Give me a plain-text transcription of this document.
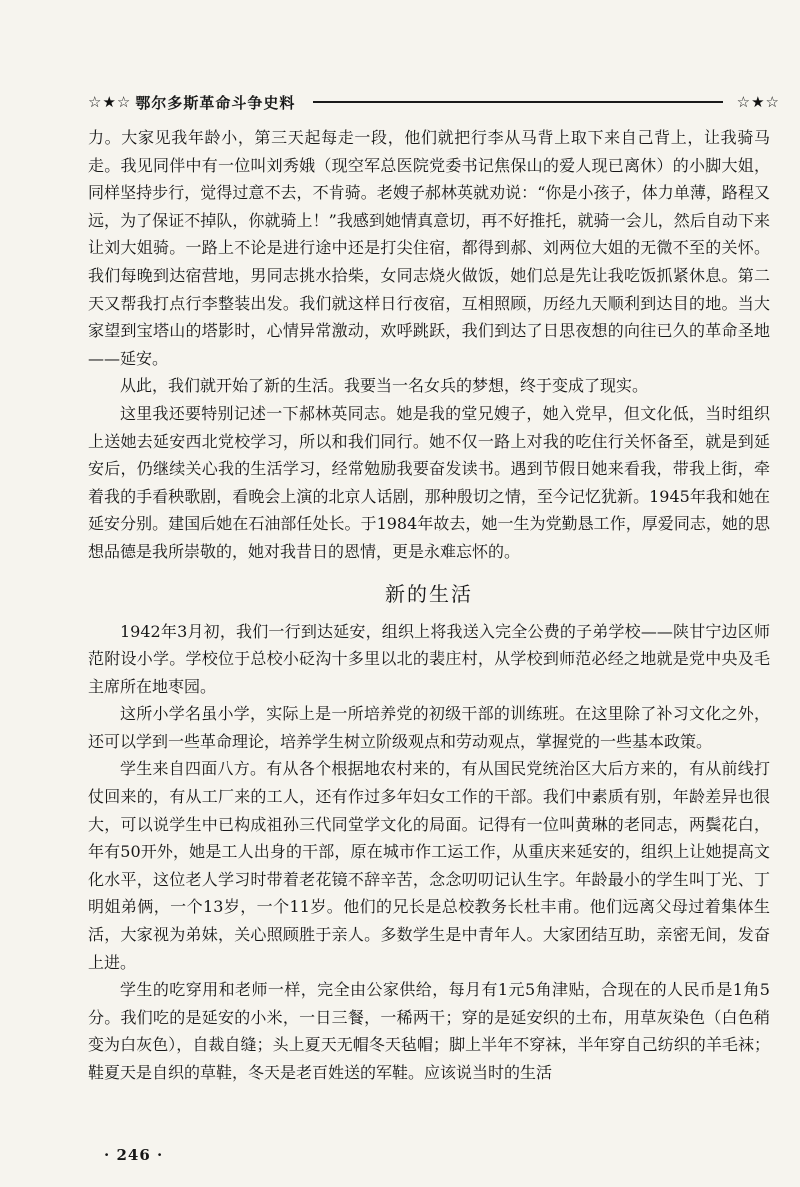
☆★☆ 鄂尔多斯革命斗争史料	☆★☆

力。大家见我年龄小，第三天起每走一段，他们就把行李从马背上取下来自己背上，让我骑马走。我见同伴中有一位叫刘秀娥（现空军总医院党委书记焦保山的爱人现已离休）的小脚大姐，同样坚持步行，觉得过意不去，不肯骑。老嫂子郝林英就劝说：“你是小孩子，体力单薄，路程又远，为了保证不掉队，你就骑上！”我感到她情真意切，再不好推托，就骑一会儿，然后自动下来让刘大姐骑。一路上不论是进行途中还是打尖住宿，都得到郝、刘两位大姐的无微不至的关怀。我们每晚到达宿营地，男同志挑水拾柴，女同志烧火做饭，她们总是先让我吃饭抓紧休息。第二天又帮我打点行李整装出发。我们就这样日行夜宿，互相照顾，历经九天顺利到达目的地。当大家望到宝塔山的塔影时，心情异常激动，欢呼跳跃，我们到达了日思夜想的向往已久的革命圣地——延安。

从此，我们就开始了新的生活。我要当一名女兵的梦想，终于变成了现实。

这里我还要特别记述一下郝林英同志。她是我的堂兄嫂子，她入党早，但文化低，当时组织上送她去延安西北党校学习，所以和我们同行。她不仅一路上对我的吃住行关怀备至，就是到延安后，仍继续关心我的生活学习，经常勉励我要奋发读书。遇到节假日她来看我，带我上街，牵着我的手看秧歌剧，看晚会上演的北京人话剧，那种殷切之情，至今记忆犹新。1945年我和她在延安分别。建国后她在石油部任处长。于1984年故去，她一生为党勤恳工作，厚爱同志，她的思想品德是我所崇敬的，她对我昔日的恩情，更是永难忘怀的。

新的生活

1942年3月初，我们一行到达延安，组织上将我送入完全公费的子弟学校——陕甘宁边区师范附设小学。学校位于总校小砭沟十多里以北的裴庄村，从学校到师范必经之地就是党中央及毛主席所在地枣园。

这所小学名虽小学，实际上是一所培养党的初级干部的训练班。在这里除了补习文化之外，还可以学到一些革命理论，培养学生树立阶级观点和劳动观点，掌握党的一些基本政策。

学生来自四面八方。有从各个根据地农村来的，有从国民党统治区大后方来的，有从前线打仗回来的，有从工厂来的工人，还有作过多年妇女工作的干部。我们中素质有别，年龄差异也很大，可以说学生中已构成祖孙三代同堂学文化的局面。记得有一位叫黄琳的老同志，两鬓花白，年有50开外，她是工人出身的干部，原在城市作工运工作，从重庆来延安的，组织上让她提高文化水平，这位老人学习时带着老花镜不辞辛苦，念念叨叨记认生字。年龄最小的学生叫丁光、丁明姐弟俩，一个13岁，一个11岁。他们的兄长是总校教务长杜丰甫。他们远离父母过着集体生活，大家视为弟妹，关心照顾胜于亲人。多数学生是中青年人。大家团结互助，亲密无间，发奋上进。

学生的吃穿用和老师一样，完全由公家供给，每月有1元5角津贴，合现在的人民币是1角5分。我们吃的是延安的小米，一日三餐，一稀两干；穿的是延安织的土布，用草灰染色（白色稍变为白灰色），自裁自缝；头上夏天无帽冬天毡帽；脚上半年不穿袜，半年穿自己纺织的羊毛袜；鞋夏天是自织的草鞋，冬天是老百姓送的军鞋。应该说当时的生活

· 246 ·
